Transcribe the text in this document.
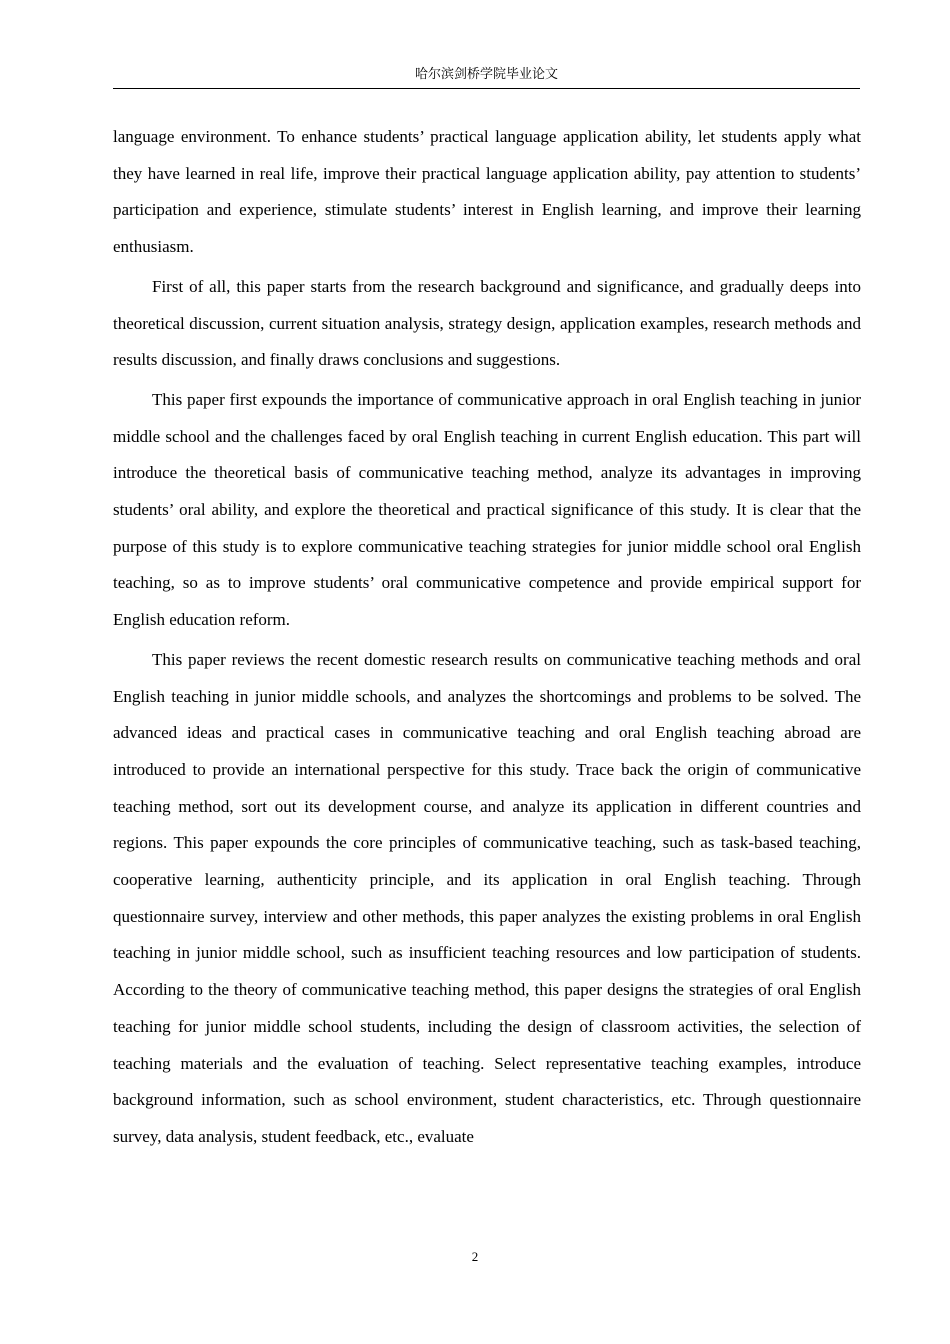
哈尔滨剑桥学院毕业论文

language environment. To enhance students’ practical language application ability, let students apply what they have learned in real life, improve their practical language application ability, pay attention to students’ participation and experience, stimulate students’ interest in English learning, and improve their learning enthusiasm.

First of all, this paper starts from the research background and significance, and gradually deeps into theoretical discussion, current situation analysis, strategy design, application examples, research methods and results discussion, and finally draws conclusions and suggestions.

This paper first expounds the importance of communicative approach in oral English teaching in junior middle school and the challenges faced by oral English teaching in current English education. This part will introduce the theoretical basis of communicative teaching method, analyze its advantages in improving students’ oral ability, and explore the theoretical and practical significance of this study. It is clear that the purpose of this study is to explore communicative teaching strategies for junior middle school oral English teaching, so as to improve students’ oral communicative competence and provide empirical support for English education reform.

This paper reviews the recent domestic research results on communicative teaching methods and oral English teaching in junior middle schools, and analyzes the shortcomings and problems to be solved. The advanced ideas and practical cases in communicative teaching and oral English teaching abroad are introduced to provide an international perspective for this study. Trace back the origin of communicative teaching method, sort out its development course, and analyze its application in different countries and regions. This paper expounds the core principles of communicative teaching, such as task-based teaching, cooperative learning, authenticity principle, and its application in oral English teaching. Through questionnaire survey, interview and other methods, this paper analyzes the existing problems in oral English teaching in junior middle school, such as insufficient teaching resources and low participation of students. According to the theory of communicative teaching method, this paper designs the strategies of oral English teaching for junior middle school students, including the design of classroom activities, the selection of teaching materials and the evaluation of teaching. Select representative teaching examples, introduce background information, such as school environment, student characteristics, etc. Through questionnaire survey, data analysis, student feedback, etc., evaluate

2
